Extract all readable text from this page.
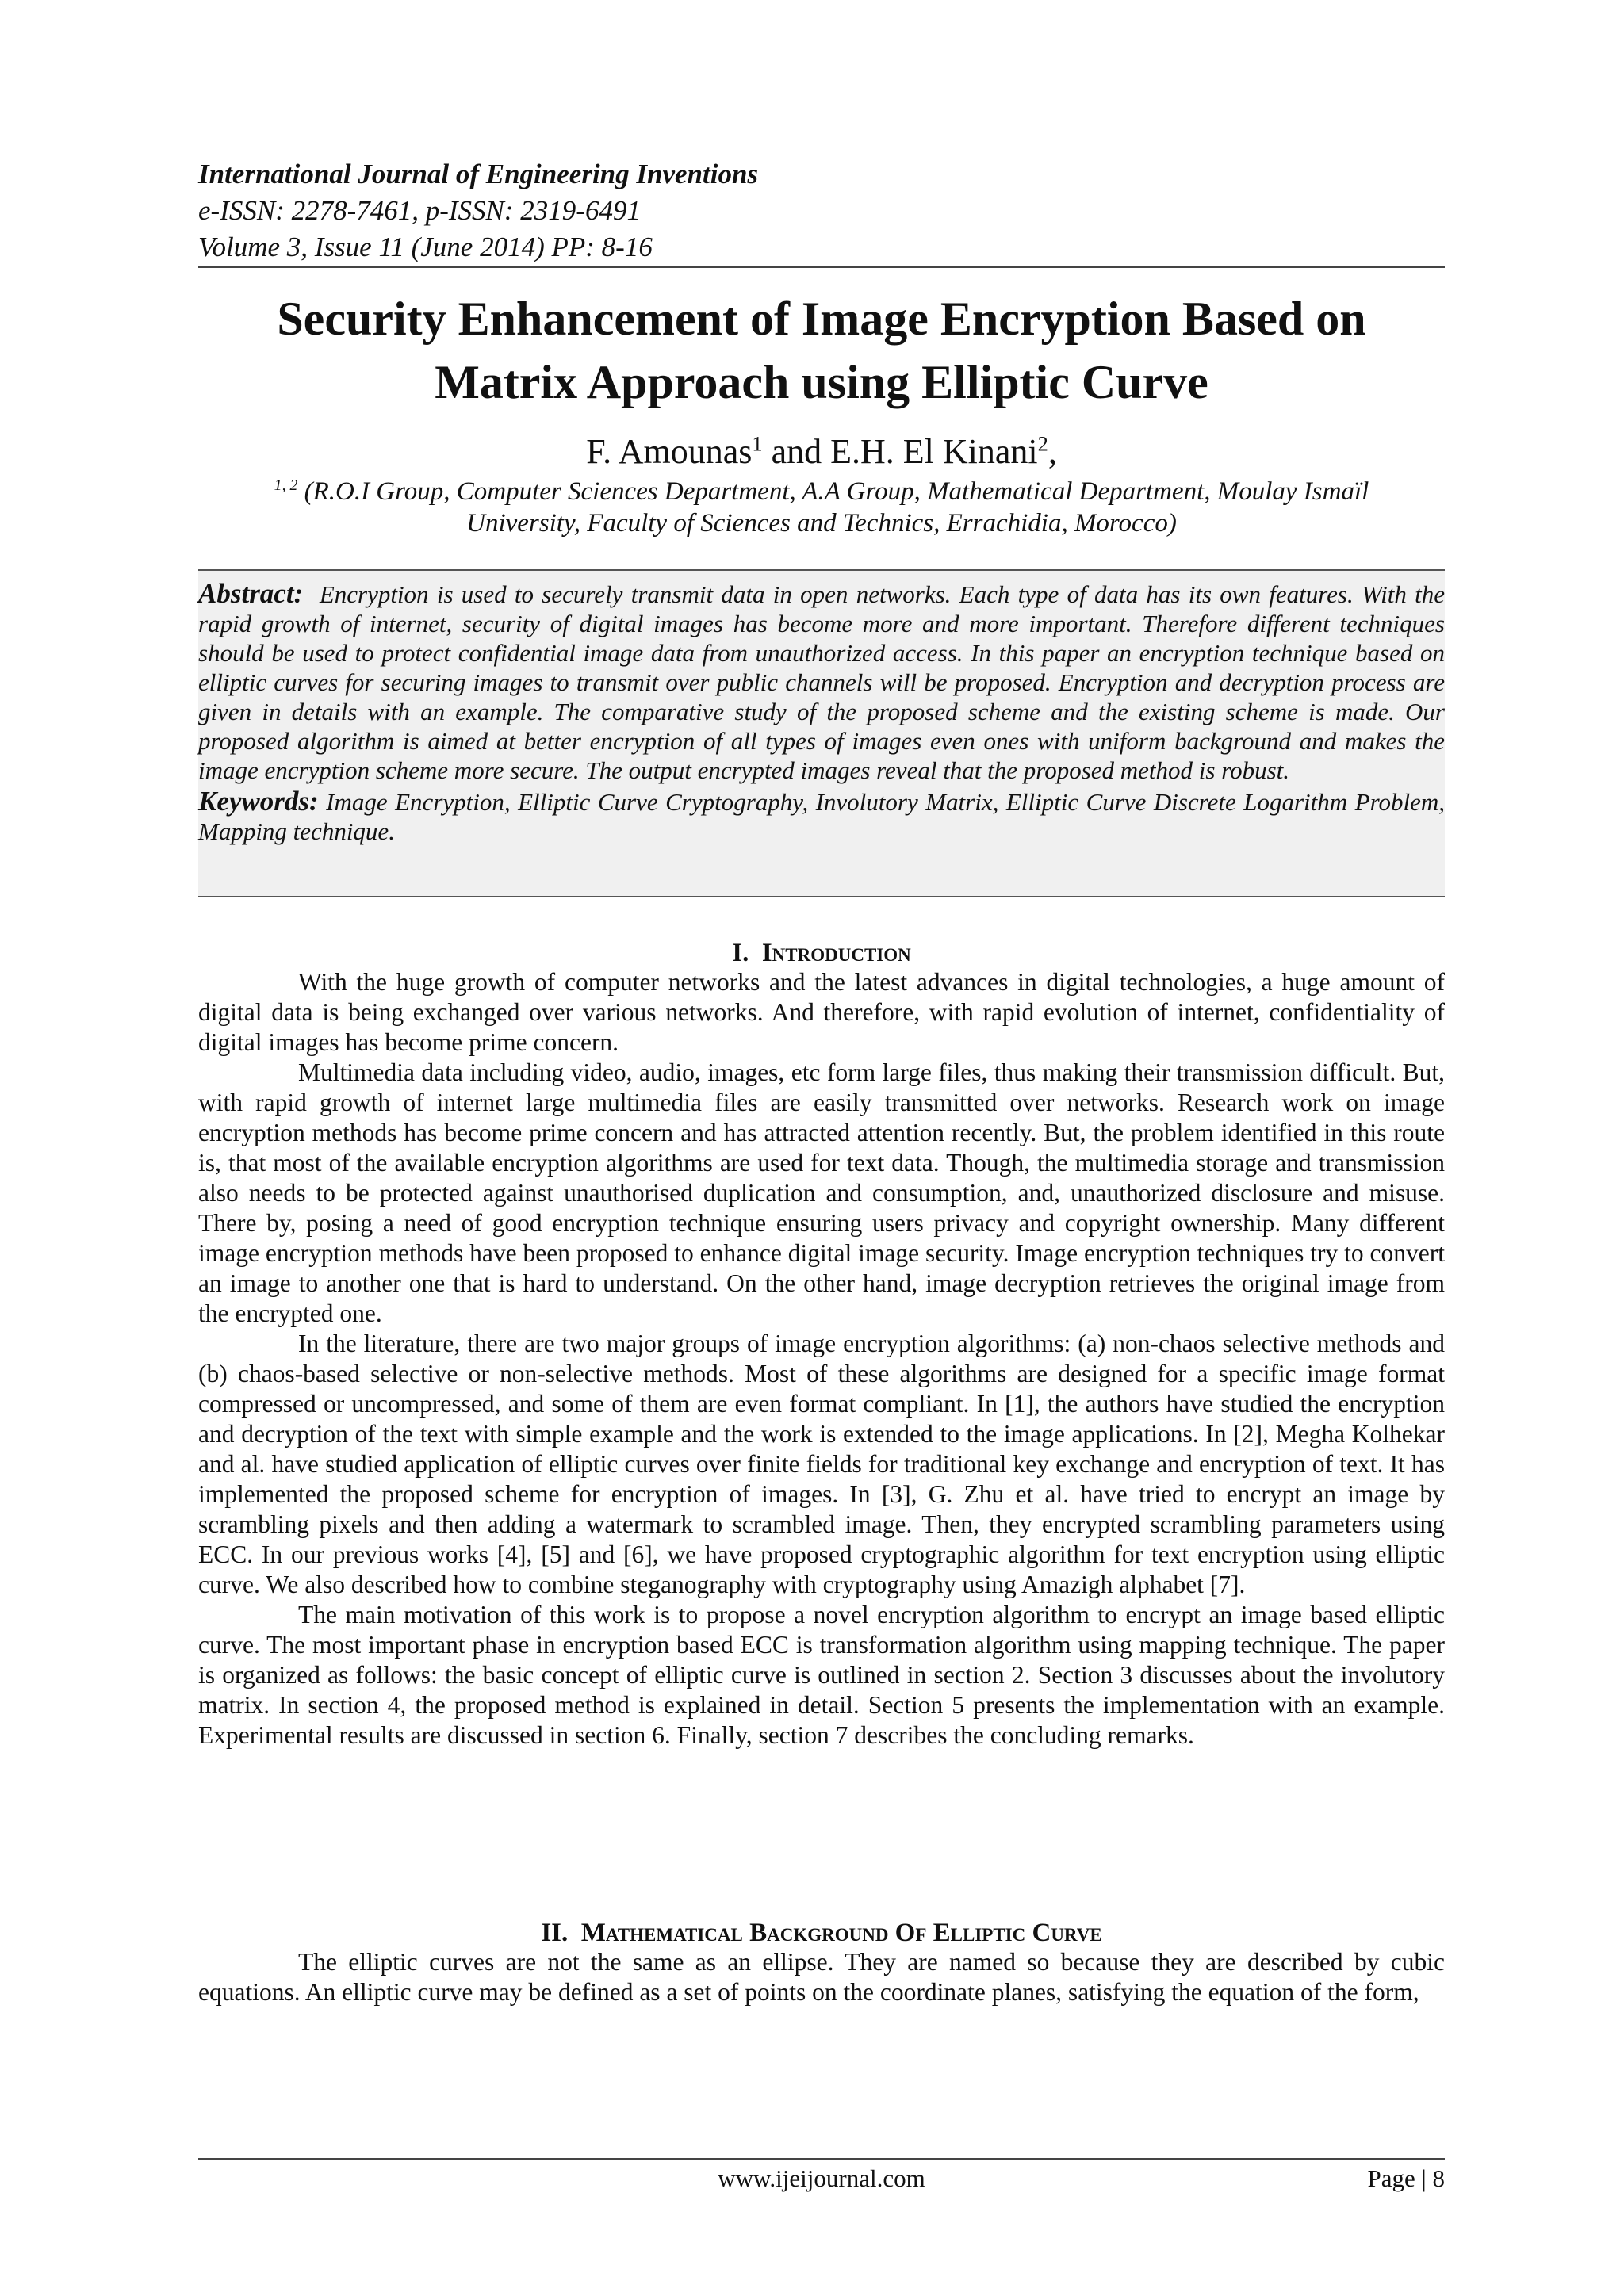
International Journal of Engineering Inventions
e-ISSN: 2278-7461, p-ISSN: 2319-6491
Volume 3, Issue 11 (June 2014) PP: 8-16
Security Enhancement of Image Encryption Based on
Matrix Approach using Elliptic Curve
F. Amounas$^1$ and E.H. El Kinani$^2$,
$^{1, 2}$ (R.O.I Group, Computer Sciences Department, A.A Group, Mathematical Department, Moulay Ismaïl
University, Faculty of Sciences and Technics, Errachidia, Morocco)

Abstract: Encryption is used to securely transmit data in open networks. Each type of data has its own features. With the rapid growth of internet, security of digital images has become more and more important. Therefore different techniques should be used to protect confidential image data from unauthorized access. In this paper an encryption technique based on elliptic curves for securing images to transmit over public channels will be proposed. Encryption and decryption process are given in details with an example. The comparative study of the proposed scheme and the existing scheme is made. Our proposed algorithm is aimed at better encryption of all types of images even ones with uniform background and makes the image encryption scheme more secure. The output encrypted images reveal that the proposed method is robust.

Keywords: Image Encryption, Elliptic Curve Cryptography, Involutory Matrix, Elliptic Curve Discrete Logarithm Problem, Mapping technique.

I. Introduction

With the huge growth of computer networks and the latest advances in digital technologies, a huge amount of digital data is being exchanged over various networks. And therefore, with rapid evolution of internet, confidentiality of digital images has become prime concern.

Multimedia data including video, audio, images, etc form large files, thus making their transmission difficult. But, with rapid growth of internet large multimedia files are easily transmitted over networks. Research work on image encryption methods has become prime concern and has attracted attention recently. But, the problem identified in this route is, that most of the available encryption algorithms are used for text data. Though, the multimedia storage and transmission also needs to be protected against unauthorised duplication and consumption, and, unauthorized disclosure and misuse. There by, posing a need of good encryption technique ensuring users privacy and copyright ownership. Many different image encryption methods have been proposed to enhance digital image security. Image encryption techniques try to convert an image to another one that is hard to understand. On the other hand, image decryption retrieves the original image from the encrypted one.

In the literature, there are two major groups of image encryption algorithms: (a) non-chaos selective methods and (b) chaos-based selective or non-selective methods. Most of these algorithms are designed for a specific image format compressed or uncompressed, and some of them are even format compliant. In [1], the authors have studied the encryption and decryption of the text with simple example and the work is extended to the image applications. In [2], Megha Kolhekar and al. have studied application of elliptic curves over finite fields for traditional key exchange and encryption of text. It has implemented the proposed scheme for encryption of images. In [3], G. Zhu et al. have tried to encrypt an image by scrambling pixels and then adding a watermark to scrambled image. Then, they encrypted scrambling parameters using ECC. In our previous works [4], [5] and [6], we have proposed cryptographic algorithm for text encryption using elliptic curve. We also described how to combine steganography with cryptography using Amazigh alphabet [7].

The main motivation of this work is to propose a novel encryption algorithm to encrypt an image based elliptic curve. The most important phase in encryption based ECC is transformation algorithm using mapping technique. The paper is organized as follows: the basic concept of elliptic curve is outlined in section 2. Section 3 discusses about the involutory matrix. In section 4, the proposed method is explained in detail. Section 5 presents the implementation with an example. Experimental results are discussed in section 6. Finally, section 7 describes the concluding remarks.

II. Mathematical Background Of Elliptic Curve

The elliptic curves are not the same as an ellipse. They are named so because they are described by cubic equations. An elliptic curve may be defined as a set of points on the coordinate planes, satisfying the equation of the form,

www.ijeijournal.com	Page | 8
